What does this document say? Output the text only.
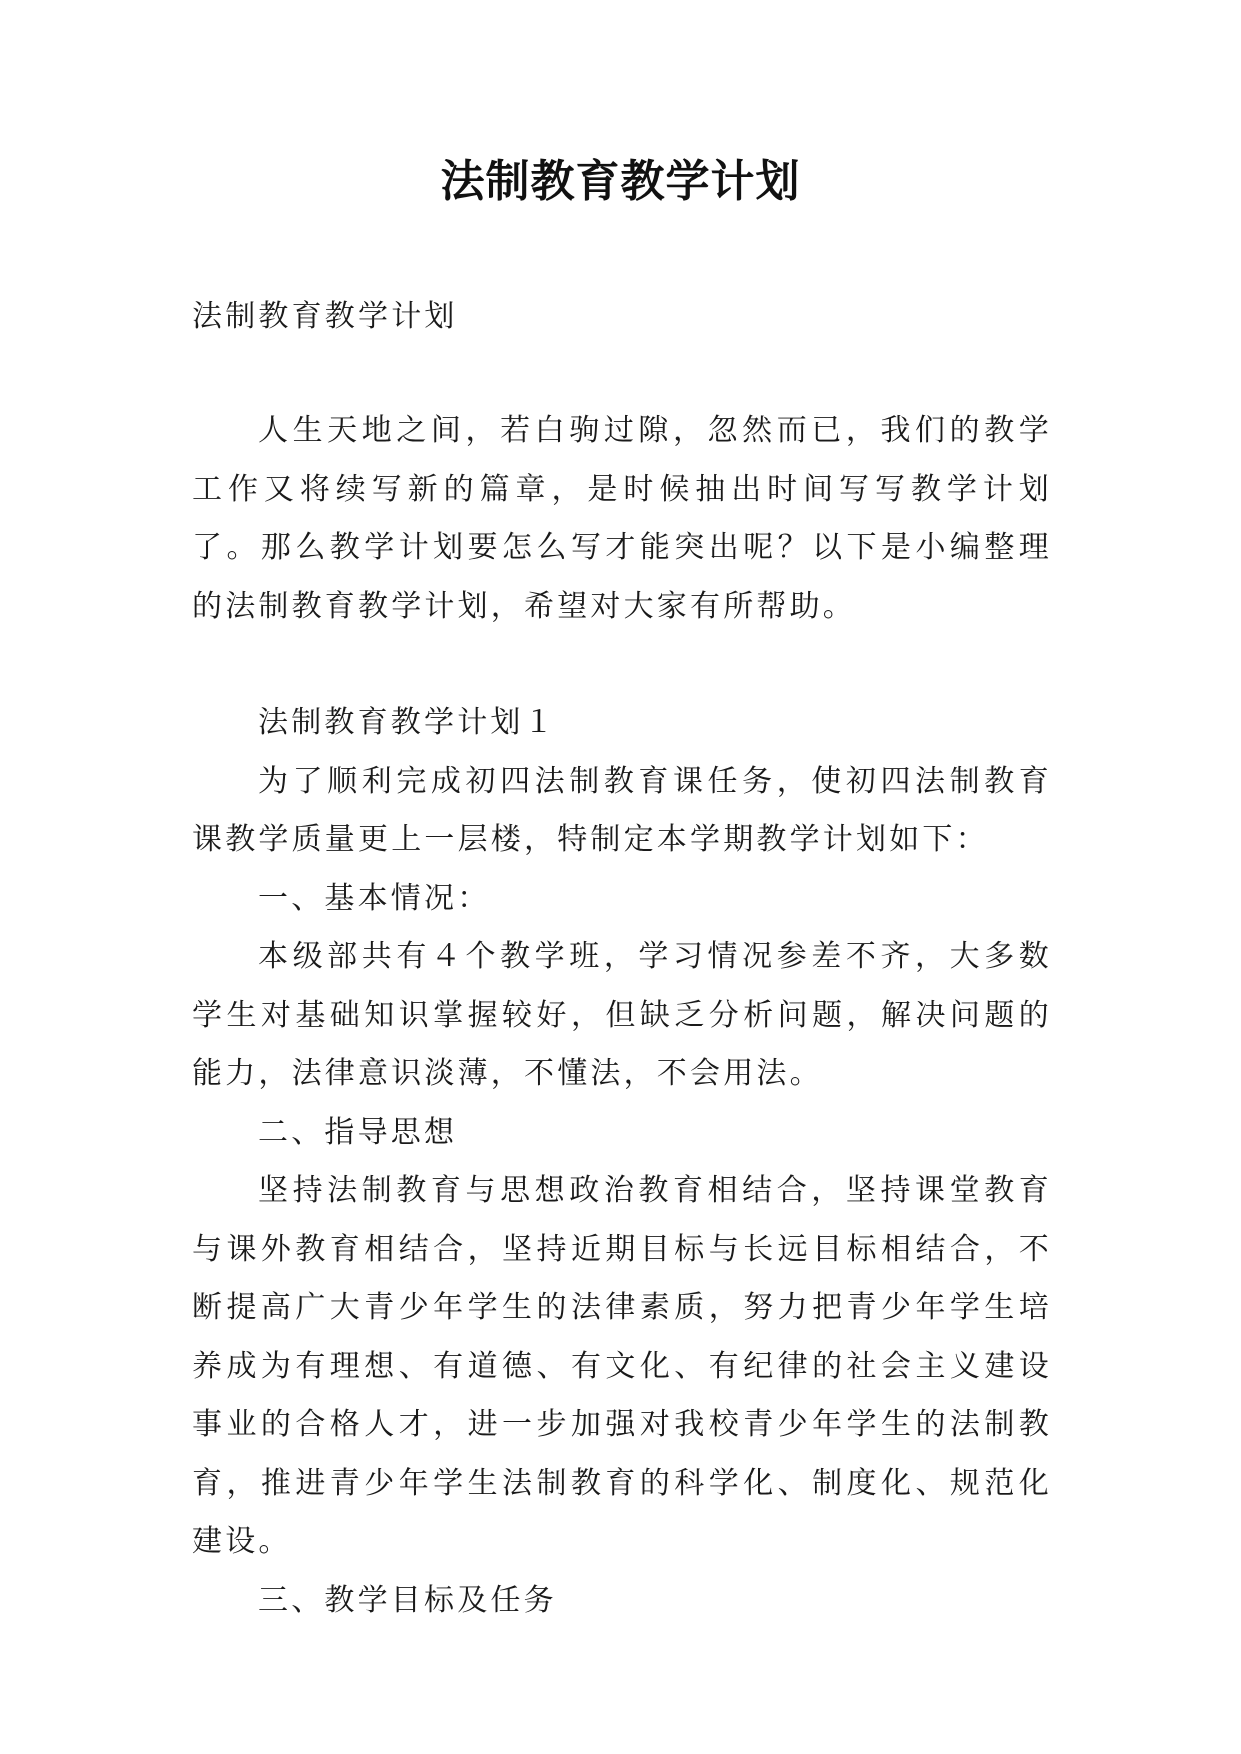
法制教育教学计划

法制教育教学计划

人生天地之间，若白驹过隙，忽然而已，我们的教学工作又将续写新的篇章，是时候抽出时间写写教学计划了。那么教学计划要怎么写才能突出呢？以下是小编整理的法制教育教学计划，希望对大家有所帮助。

法制教育教学计划１

为了顺利完成初四法制教育课任务，使初四法制教育课教学质量更上一层楼，特制定本学期教学计划如下：

一、基本情况：

本级部共有４个教学班，学习情况参差不齐，大多数学生对基础知识掌握较好，但缺乏分析问题，解决问题的能力，法律意识淡薄，不懂法，不会用法。

二、指导思想

坚持法制教育与思想政治教育相结合，坚持课堂教育与课外教育相结合，坚持近期目标与长远目标相结合，不断提高广大青少年学生的法律素质，努力把青少年学生培养成为有理想、有道德、有文化、有纪律的社会主义建设事业的合格人才，进一步加强对我校青少年学生的法制教育，推进青少年学生法制教育的科学化、制度化、规范化建设。

三、教学目标及任务
